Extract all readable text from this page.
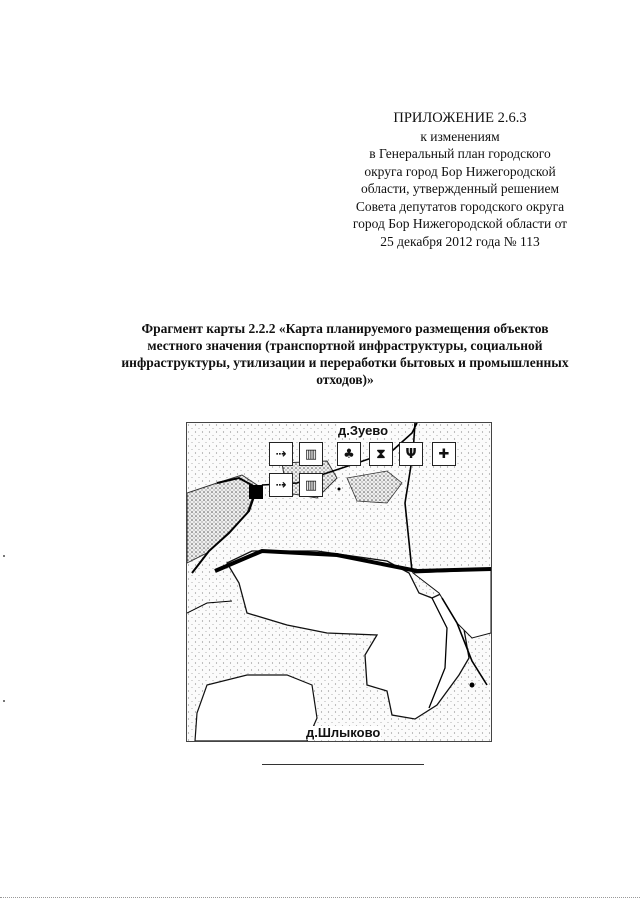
ПРИЛОЖЕНИЕ 2.6.3
к изменениям
в Генеральный план городского
округа город Бор Нижегородской
области, утвержденный решением
Совета депутатов городского округа
город Бор Нижегородской области от
25 декабря 2012 года № 113
Фрагмент карты 2.2.2 «Карта планируемого размещения объектов
местного значения (транспортной инфраструктуры, социальной
инфраструктуры, утилизации и переработки бытовых и промышленных
отходов)»
д.Зуево
д.Шлыково
⇢	▥	♣	⧗	Ψ	✚
⇢	▥
